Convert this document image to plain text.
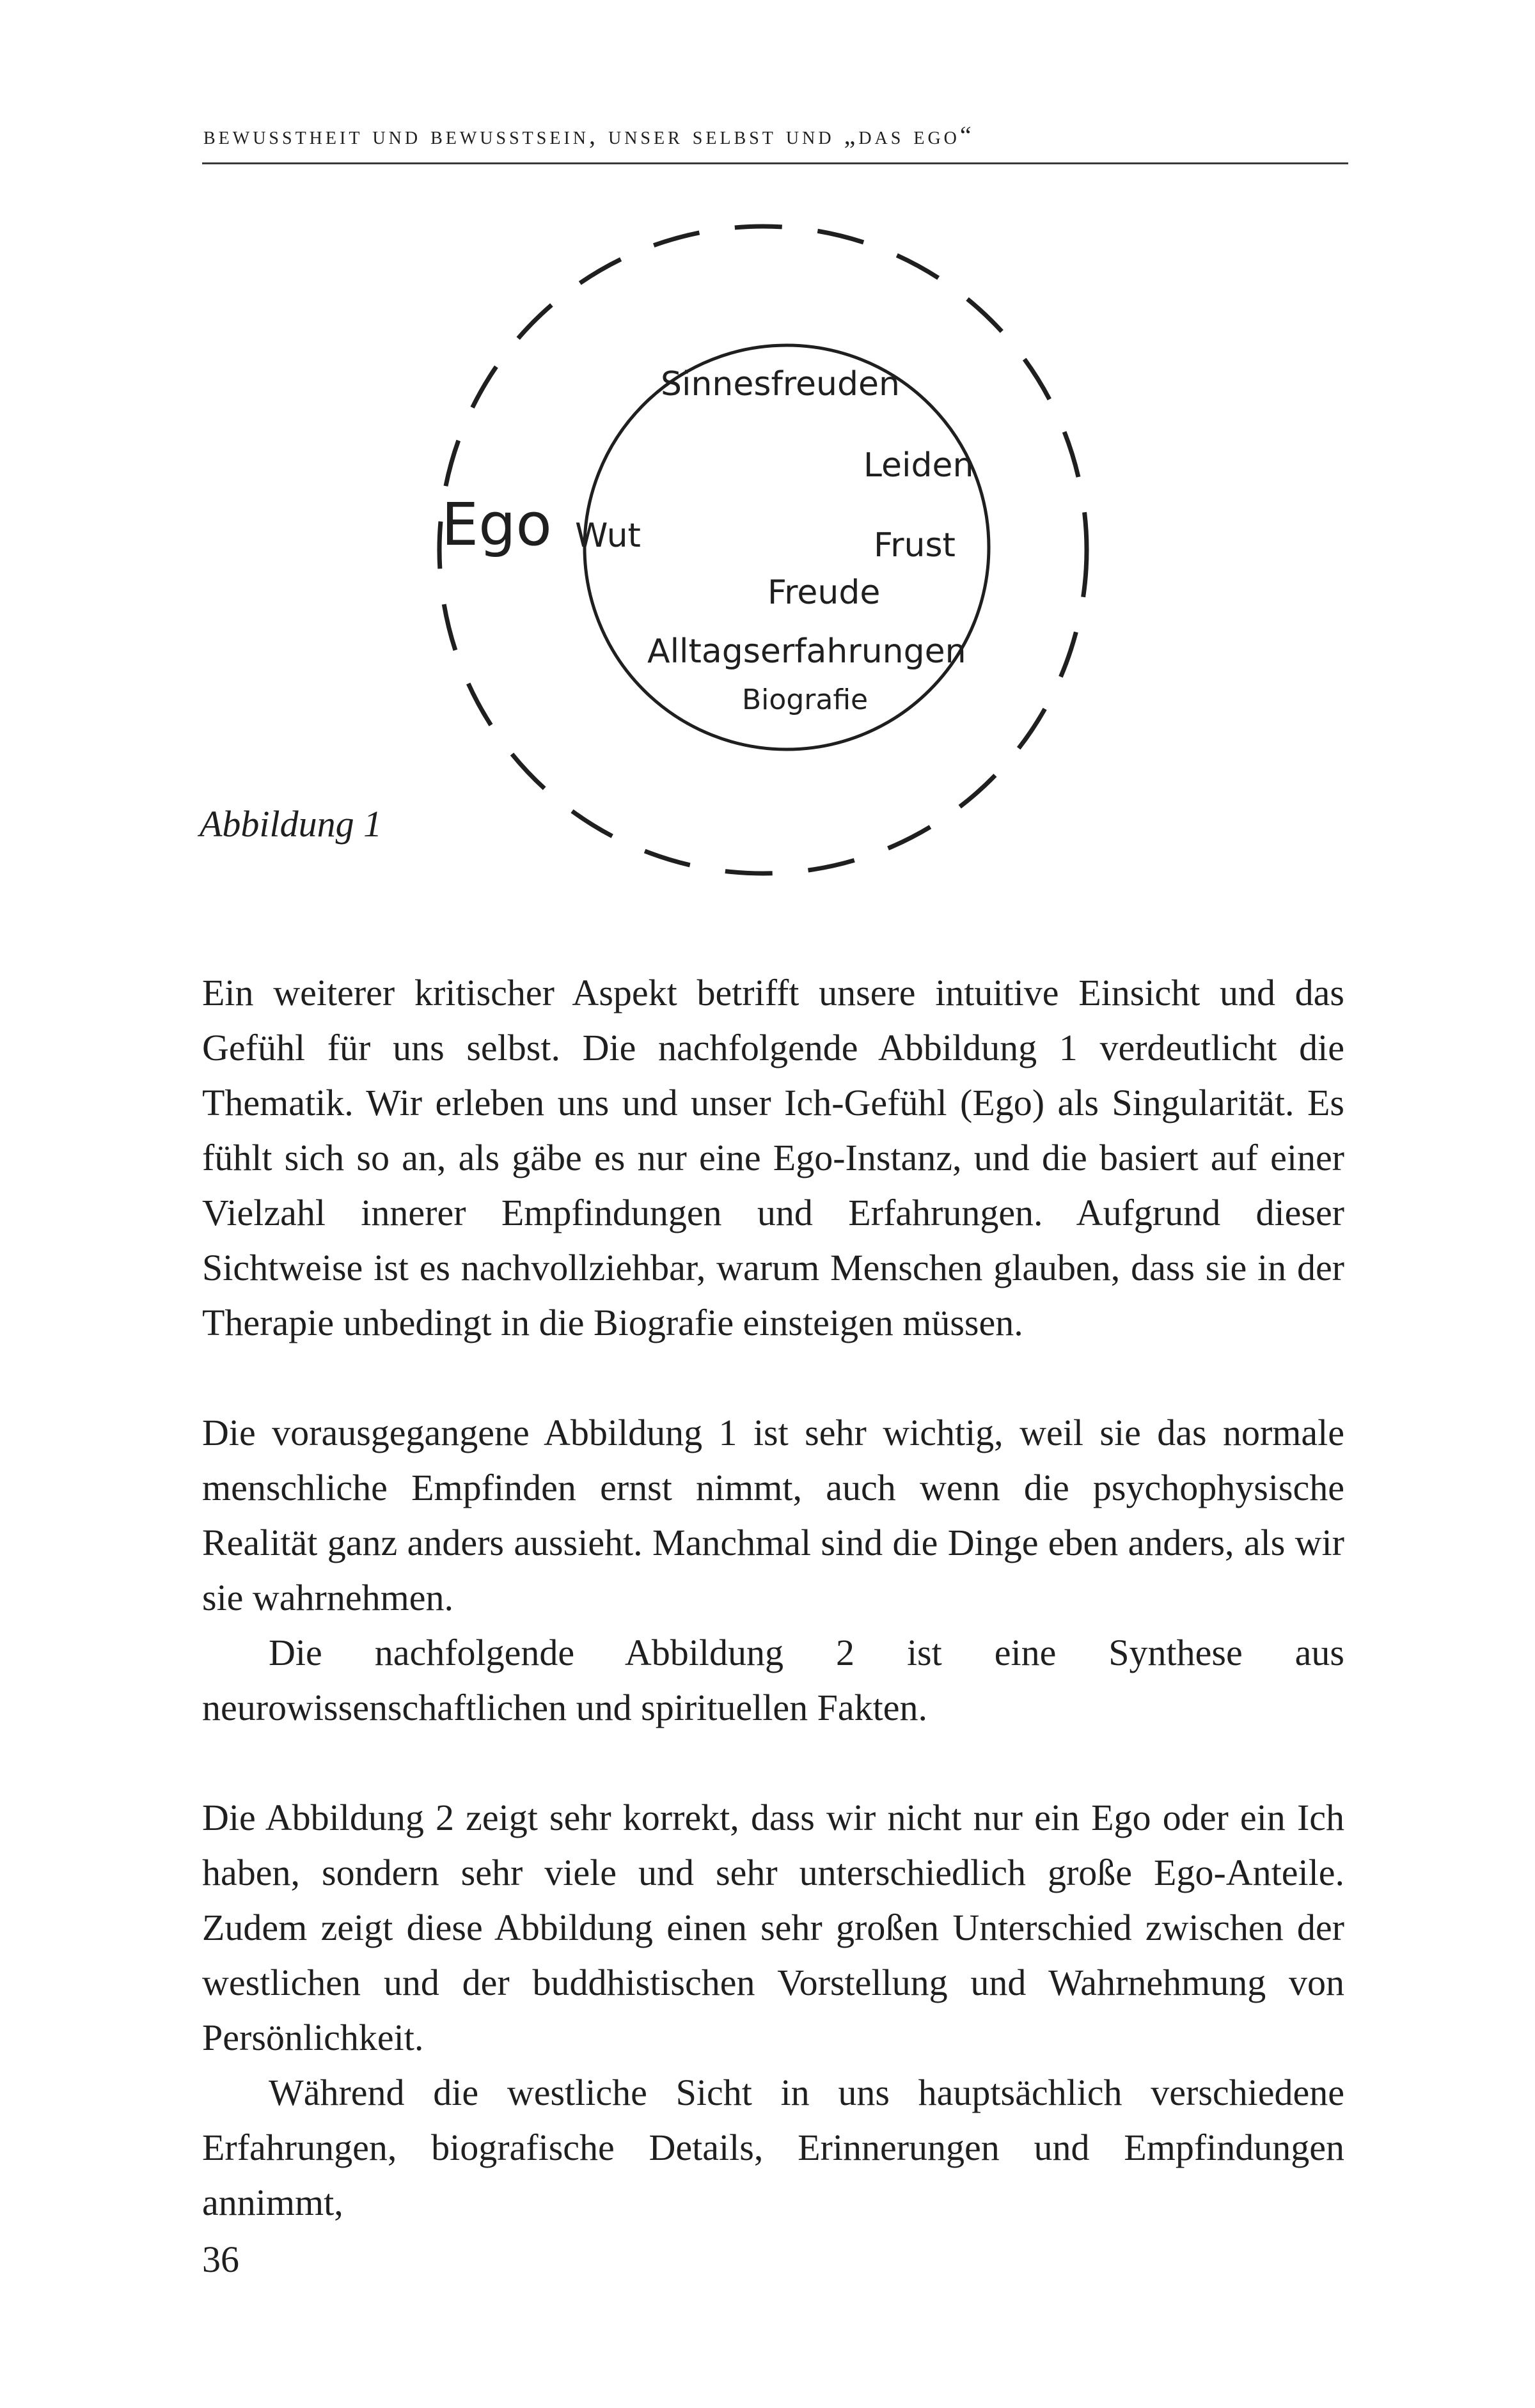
bewusstheit und bewusstsein, unser selbst und „das ego“
Ego
Sinnesfreuden
Leiden
Wut	Frust
Freude
Alltagserfahrungen
Biografie
Abbildung 1

Ein weiterer kritischer Aspekt betrifft unsere intuitive Einsicht und das Gefühl für uns selbst. Die nachfolgende Abbildung 1 verdeutlicht die Thematik. Wir erleben uns und unser Ich-Gefühl (Ego) als Singularität. Es fühlt sich so an, als gäbe es nur eine Ego-Instanz, und die basiert auf einer Vielzahl innerer Empfindungen und Erfahrungen. Aufgrund dieser Sichtweise ist es nachvollziehbar, warum Menschen glauben, dass sie in der Therapie unbedingt in die Biografie einsteigen müssen.

Die vorausgegangene Abbildung 1 ist sehr wichtig, weil sie das normale menschliche Empfinden ernst nimmt, auch wenn die psychophysische Realität ganz anders aussieht. Manchmal sind die Dinge eben anders, als wir sie wahrnehmen.

Die nachfolgende Abbildung 2 ist eine Synthese aus neurowissenschaftlichen und spirituellen Fakten.

Die Abbildung 2 zeigt sehr korrekt, dass wir nicht nur ein Ego oder ein Ich haben, sondern sehr viele und sehr unterschiedlich große Ego-Anteile. Zudem zeigt diese Abbildung einen sehr großen Unterschied zwischen der westlichen und der buddhistischen Vorstellung und Wahrnehmung von Persönlichkeit.

Während die westliche Sicht in uns hauptsächlich verschiedene Erfahrungen, biografische Details, Erinnerungen und Empfindungen annimmt,

36
